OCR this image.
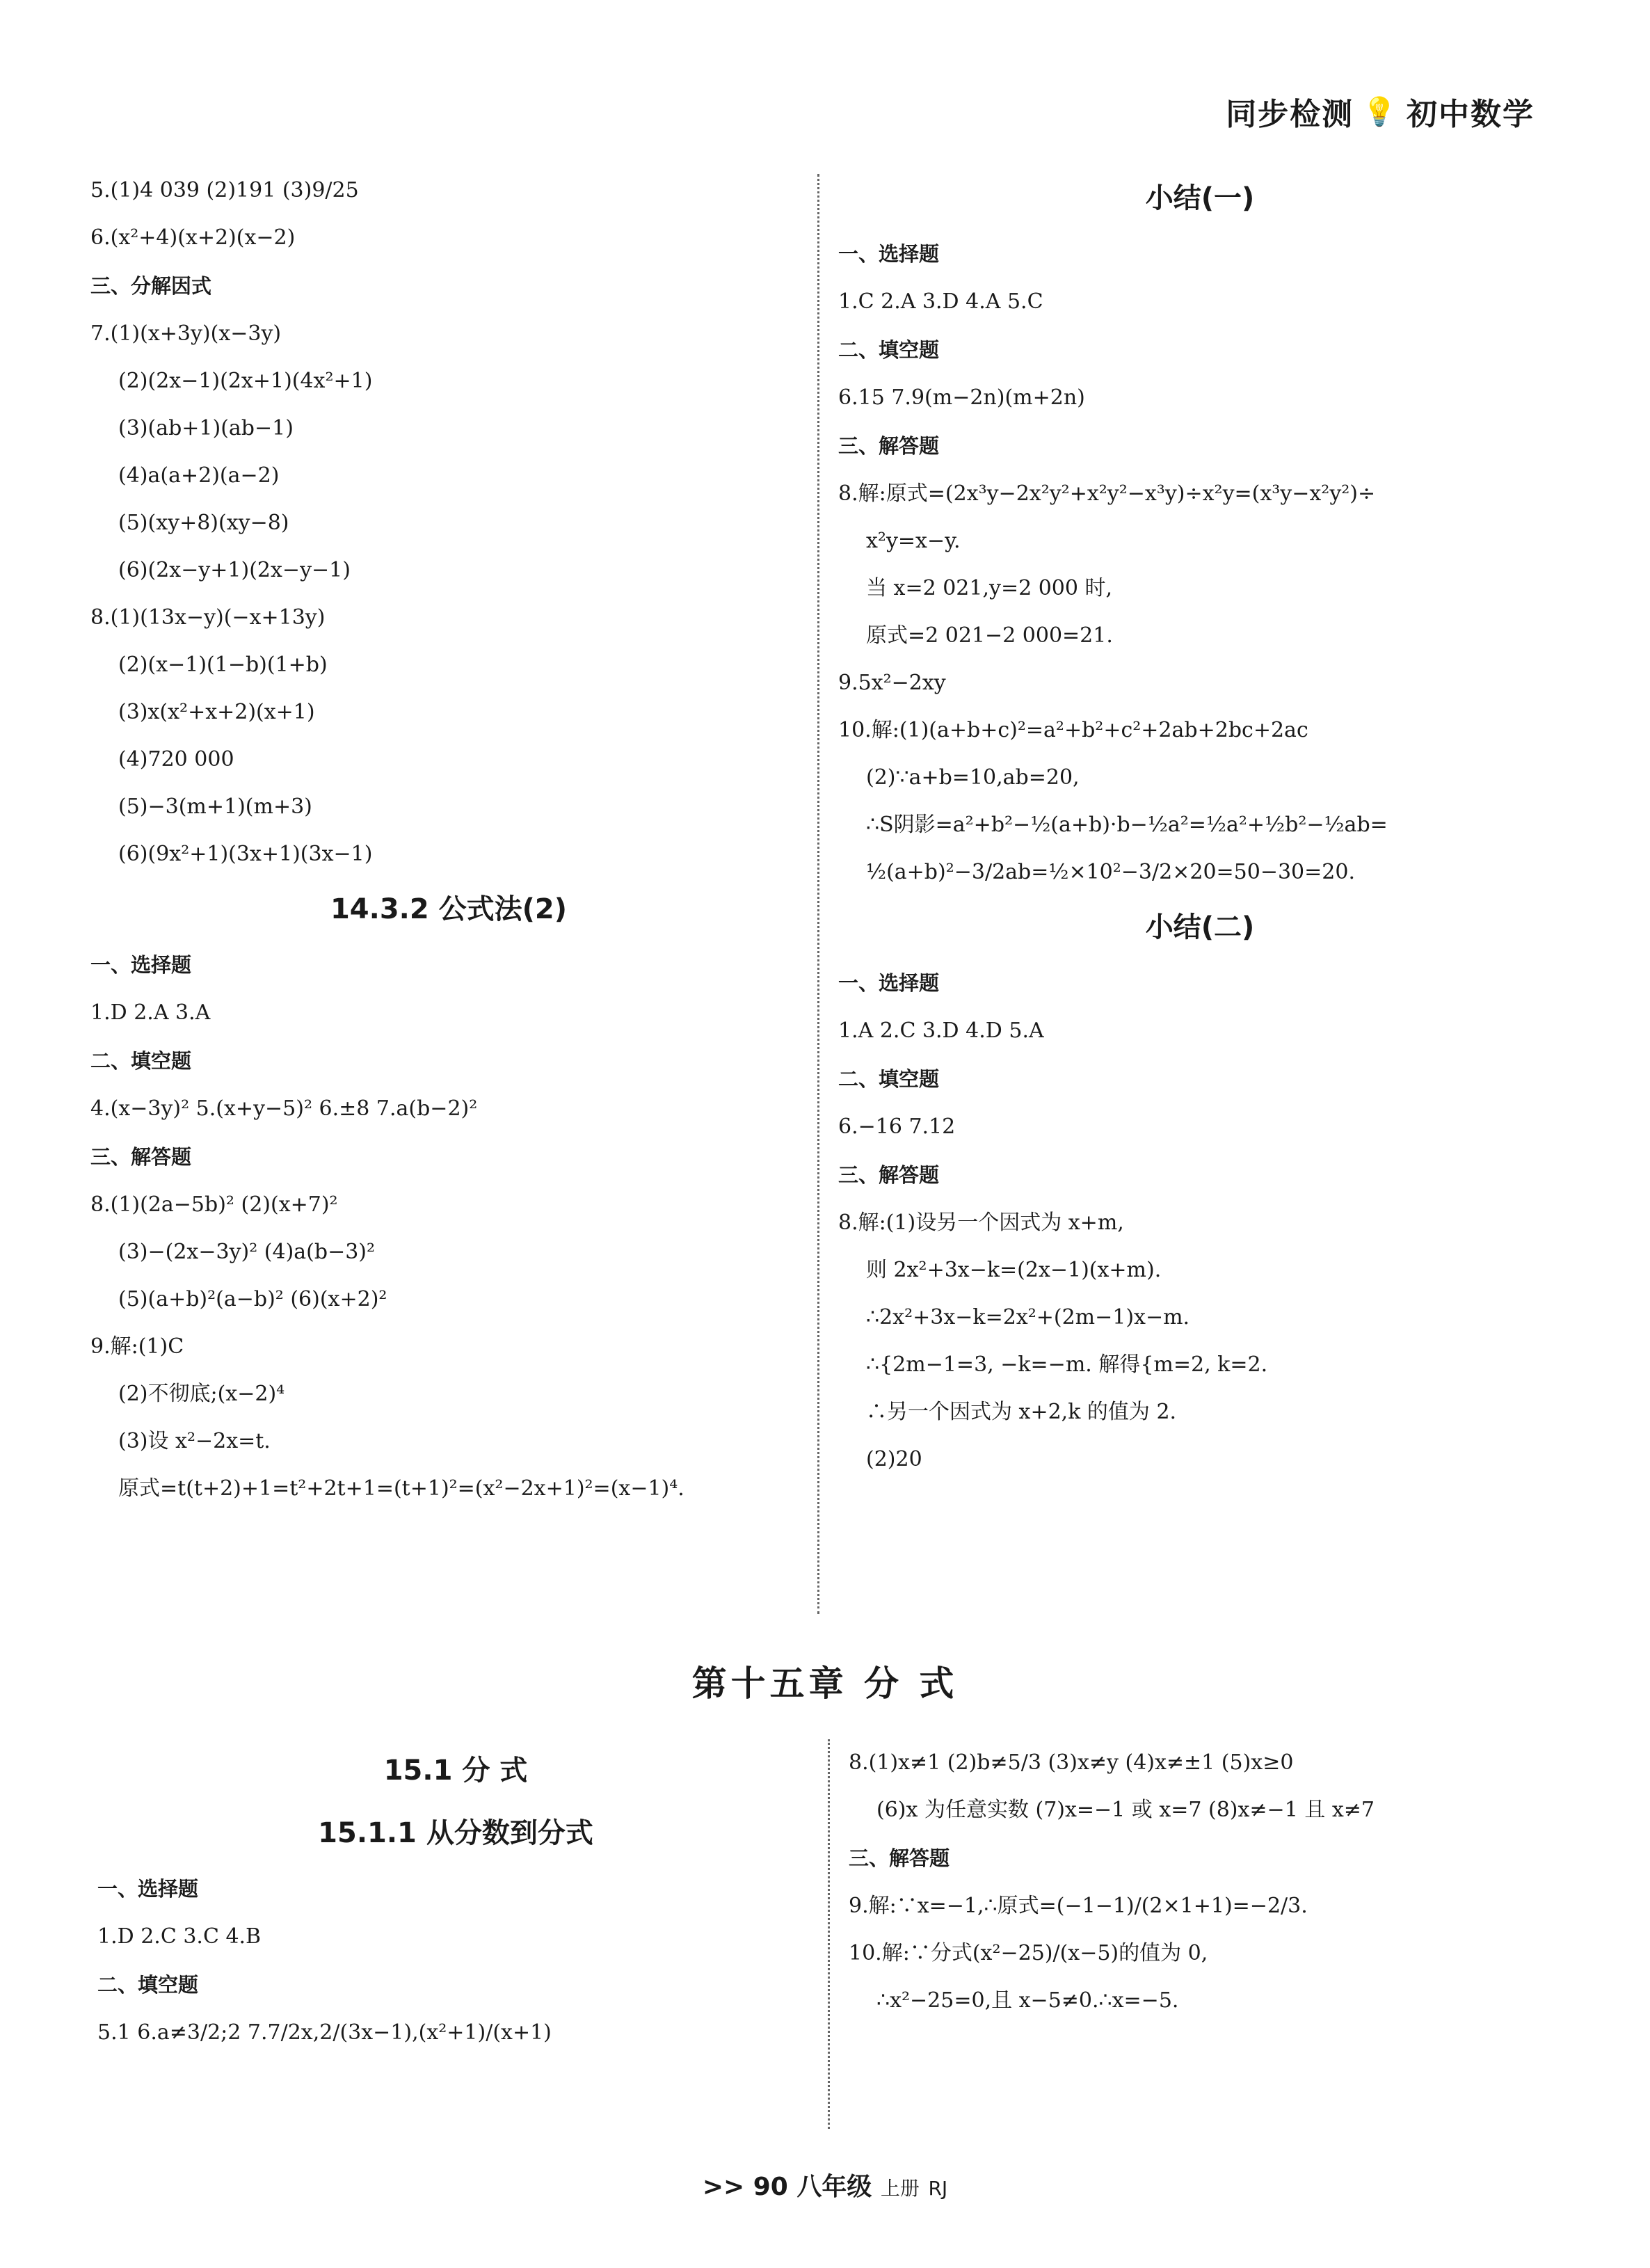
同步检测 💡 初中数学
5.(1)4 039 (2)191 (3)9/25
6.(x²+4)(x+2)(x−2)
三、分解因式
7.(1)(x+3y)(x−3y)
(2)(2x−1)(2x+1)(4x²+1)
(3)(ab+1)(ab−1)
(4)a(a+2)(a−2)
(5)(xy+8)(xy−8)
(6)(2x−y+1)(2x−y−1)
8.(1)(13x−y)(−x+13y)
(2)(x−1)(1−b)(1+b)
(3)x(x²+x+2)(x+1)
(4)720 000
(5)−3(m+1)(m+3)
(6)(9x²+1)(3x+1)(3x−1)
14.3.2 公式法(2)
一、选择题
1.D 2.A 3.A
二、填空题
4.(x−3y)² 5.(x+y−5)² 6.±8 7.a(b−2)²
三、解答题
8.(1)(2a−5b)² (2)(x+7)²
(3)−(2x−3y)² (4)a(b−3)²
(5)(a+b)²(a−b)² (6)(x+2)²
9.解:(1)C
(2)不彻底;(x−2)⁴
(3)设 x²−2x=t.
原式=t(t+2)+1=t²+2t+1=(t+1)²=(x²−2x+1)²=(x−1)⁴.
小结(一)
一、选择题
1.C 2.A 3.D 4.A 5.C
二、填空题
6.15 7.9(m−2n)(m+2n)
三、解答题
8.解:原式=(2x³y−2x²y²+x²y²−x³y)÷x²y=(x³y−x²y²)÷
x²y=x−y.
当 x=2 021,y=2 000 时,
原式=2 021−2 000=21.
9.5x²−2xy
10.解:(1)(a+b+c)²=a²+b²+c²+2ab+2bc+2ac
(2)∵a+b=10,ab=20,
∴S阴影=a²+b²−½(a+b)·b−½a²=½a²+½b²−½ab=
½(a+b)²−3/2ab=½×10²−3/2×20=50−30=20.
小结(二)
一、选择题
1.A 2.C 3.D 4.D 5.A
二、填空题
6.−16 7.12
三、解答题
8.解:(1)设另一个因式为 x+m,
则 2x²+3x−k=(2x−1)(x+m).
∴2x²+3x−k=2x²+(2m−1)x−m.
∴{2m−1=3, −k=−m. 解得{m=2, k=2.
∴另一个因式为 x+2,k 的值为 2.
(2)20
第十五章 分 式
15.1 分 式
15.1.1 从分数到分式
一、选择题
1.D 2.C 3.C 4.B
二、填空题
5.1 6.a≠3/2;2 7.7/2x,2/(3x−1),(x²+1)/(x+1)
8.(1)x≠1 (2)b≠5/3 (3)x≠y (4)x≠±1 (5)x≥0
(6)x 为任意实数 (7)x=−1 或 x=7 (8)x≠−1 且 x≠7
三、解答题
9.解:∵x=−1,∴原式=(−1−1)/(2×1+1)=−2/3.
10.解:∵分式(x²−25)/(x−5)的值为 0,
∴x²−25=0,且 x−5≠0.∴x=−5.
>> 90 八年级 上册 RJ
